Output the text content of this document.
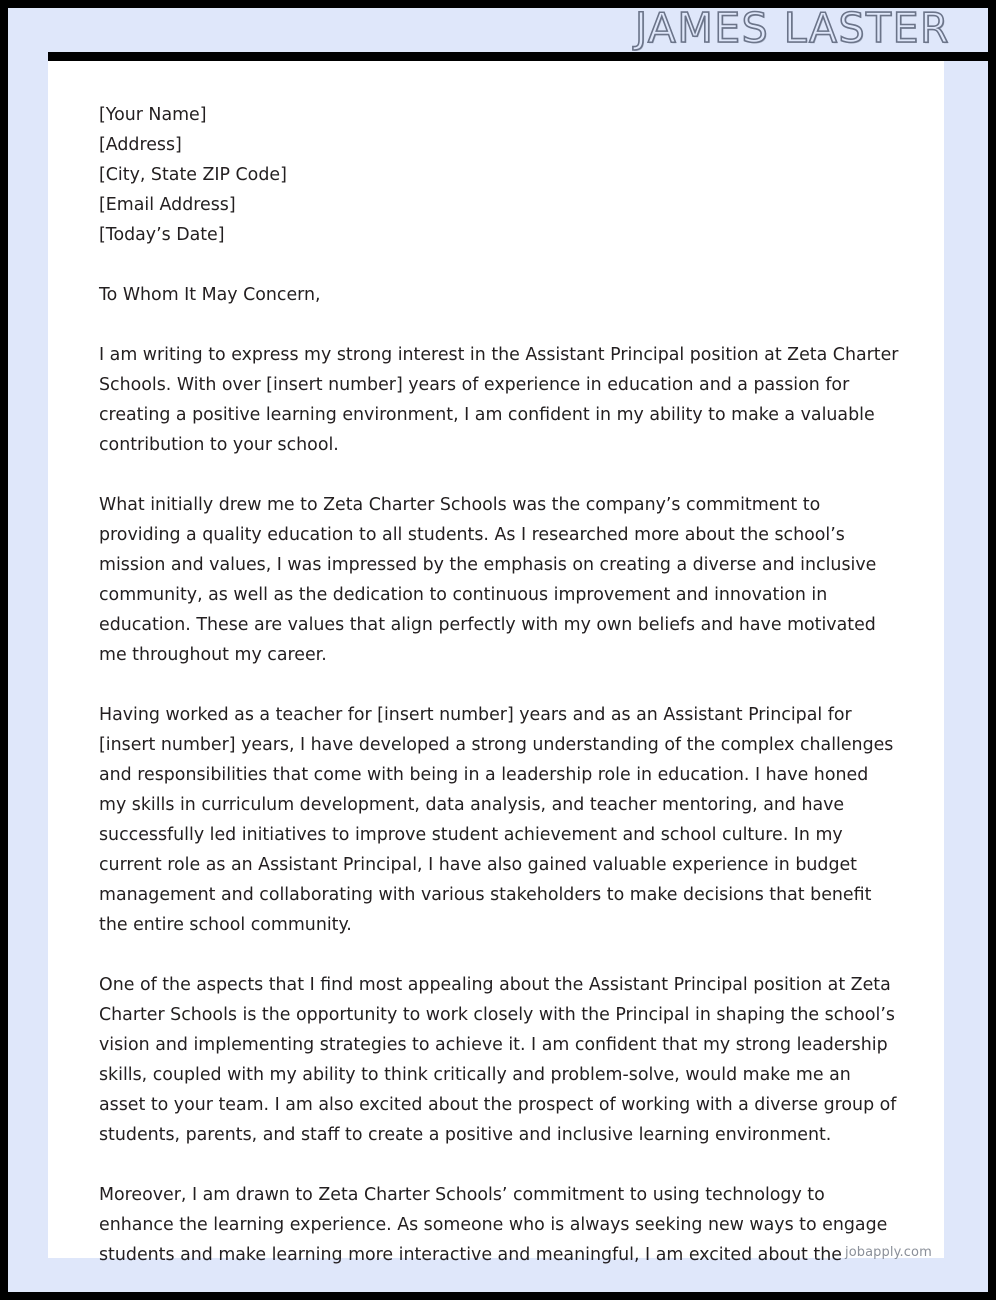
JAMES LASTER
[Your Name]
[Address]
[City, State ZIP Code]
[Email Address]
[Today’s Date]
To Whom It May Concern,
I am writing to express my strong interest in the Assistant Principal position at Zeta Charter Schools. With over [insert number] years of experience in education and a passion for creating a positive learning environment, I am confident in my ability to make a valuable contribution to your school.
What initially drew me to Zeta Charter Schools was the company’s commitment to providing a quality education to all students. As I researched more about the school’s mission and values, I was impressed by the emphasis on creating a diverse and inclusive community, as well as the dedication to continuous improvement and innovation in education. These are values that align perfectly with my own beliefs and have motivated me throughout my career.
Having worked as a teacher for [insert number] years and as an Assistant Principal for [insert number] years, I have developed a strong understanding of the complex challenges and responsibilities that come with being in a leadership role in education. I have honed my skills in curriculum development, data analysis, and teacher mentoring, and have successfully led initiatives to improve student achievement and school culture. In my current role as an Assistant Principal, I have also gained valuable experience in budget management and collaborating with various stakeholders to make decisions that benefit the entire school community.
One of the aspects that I find most appealing about the Assistant Principal position at Zeta Charter Schools is the opportunity to work closely with the Principal in shaping the school’s vision and implementing strategies to achieve it. I am confident that my strong leadership skills, coupled with my ability to think critically and problem-solve, would make me an asset to your team. I am also excited about the prospect of working with a diverse group of students, parents, and staff to create a positive and inclusive learning environment.
Moreover, I am drawn to Zeta Charter Schools’ commitment to using technology to enhance the learning experience. As someone who is always seeking new ways to engage students and make learning more interactive and meaningful, I am excited about the jobapply.com
